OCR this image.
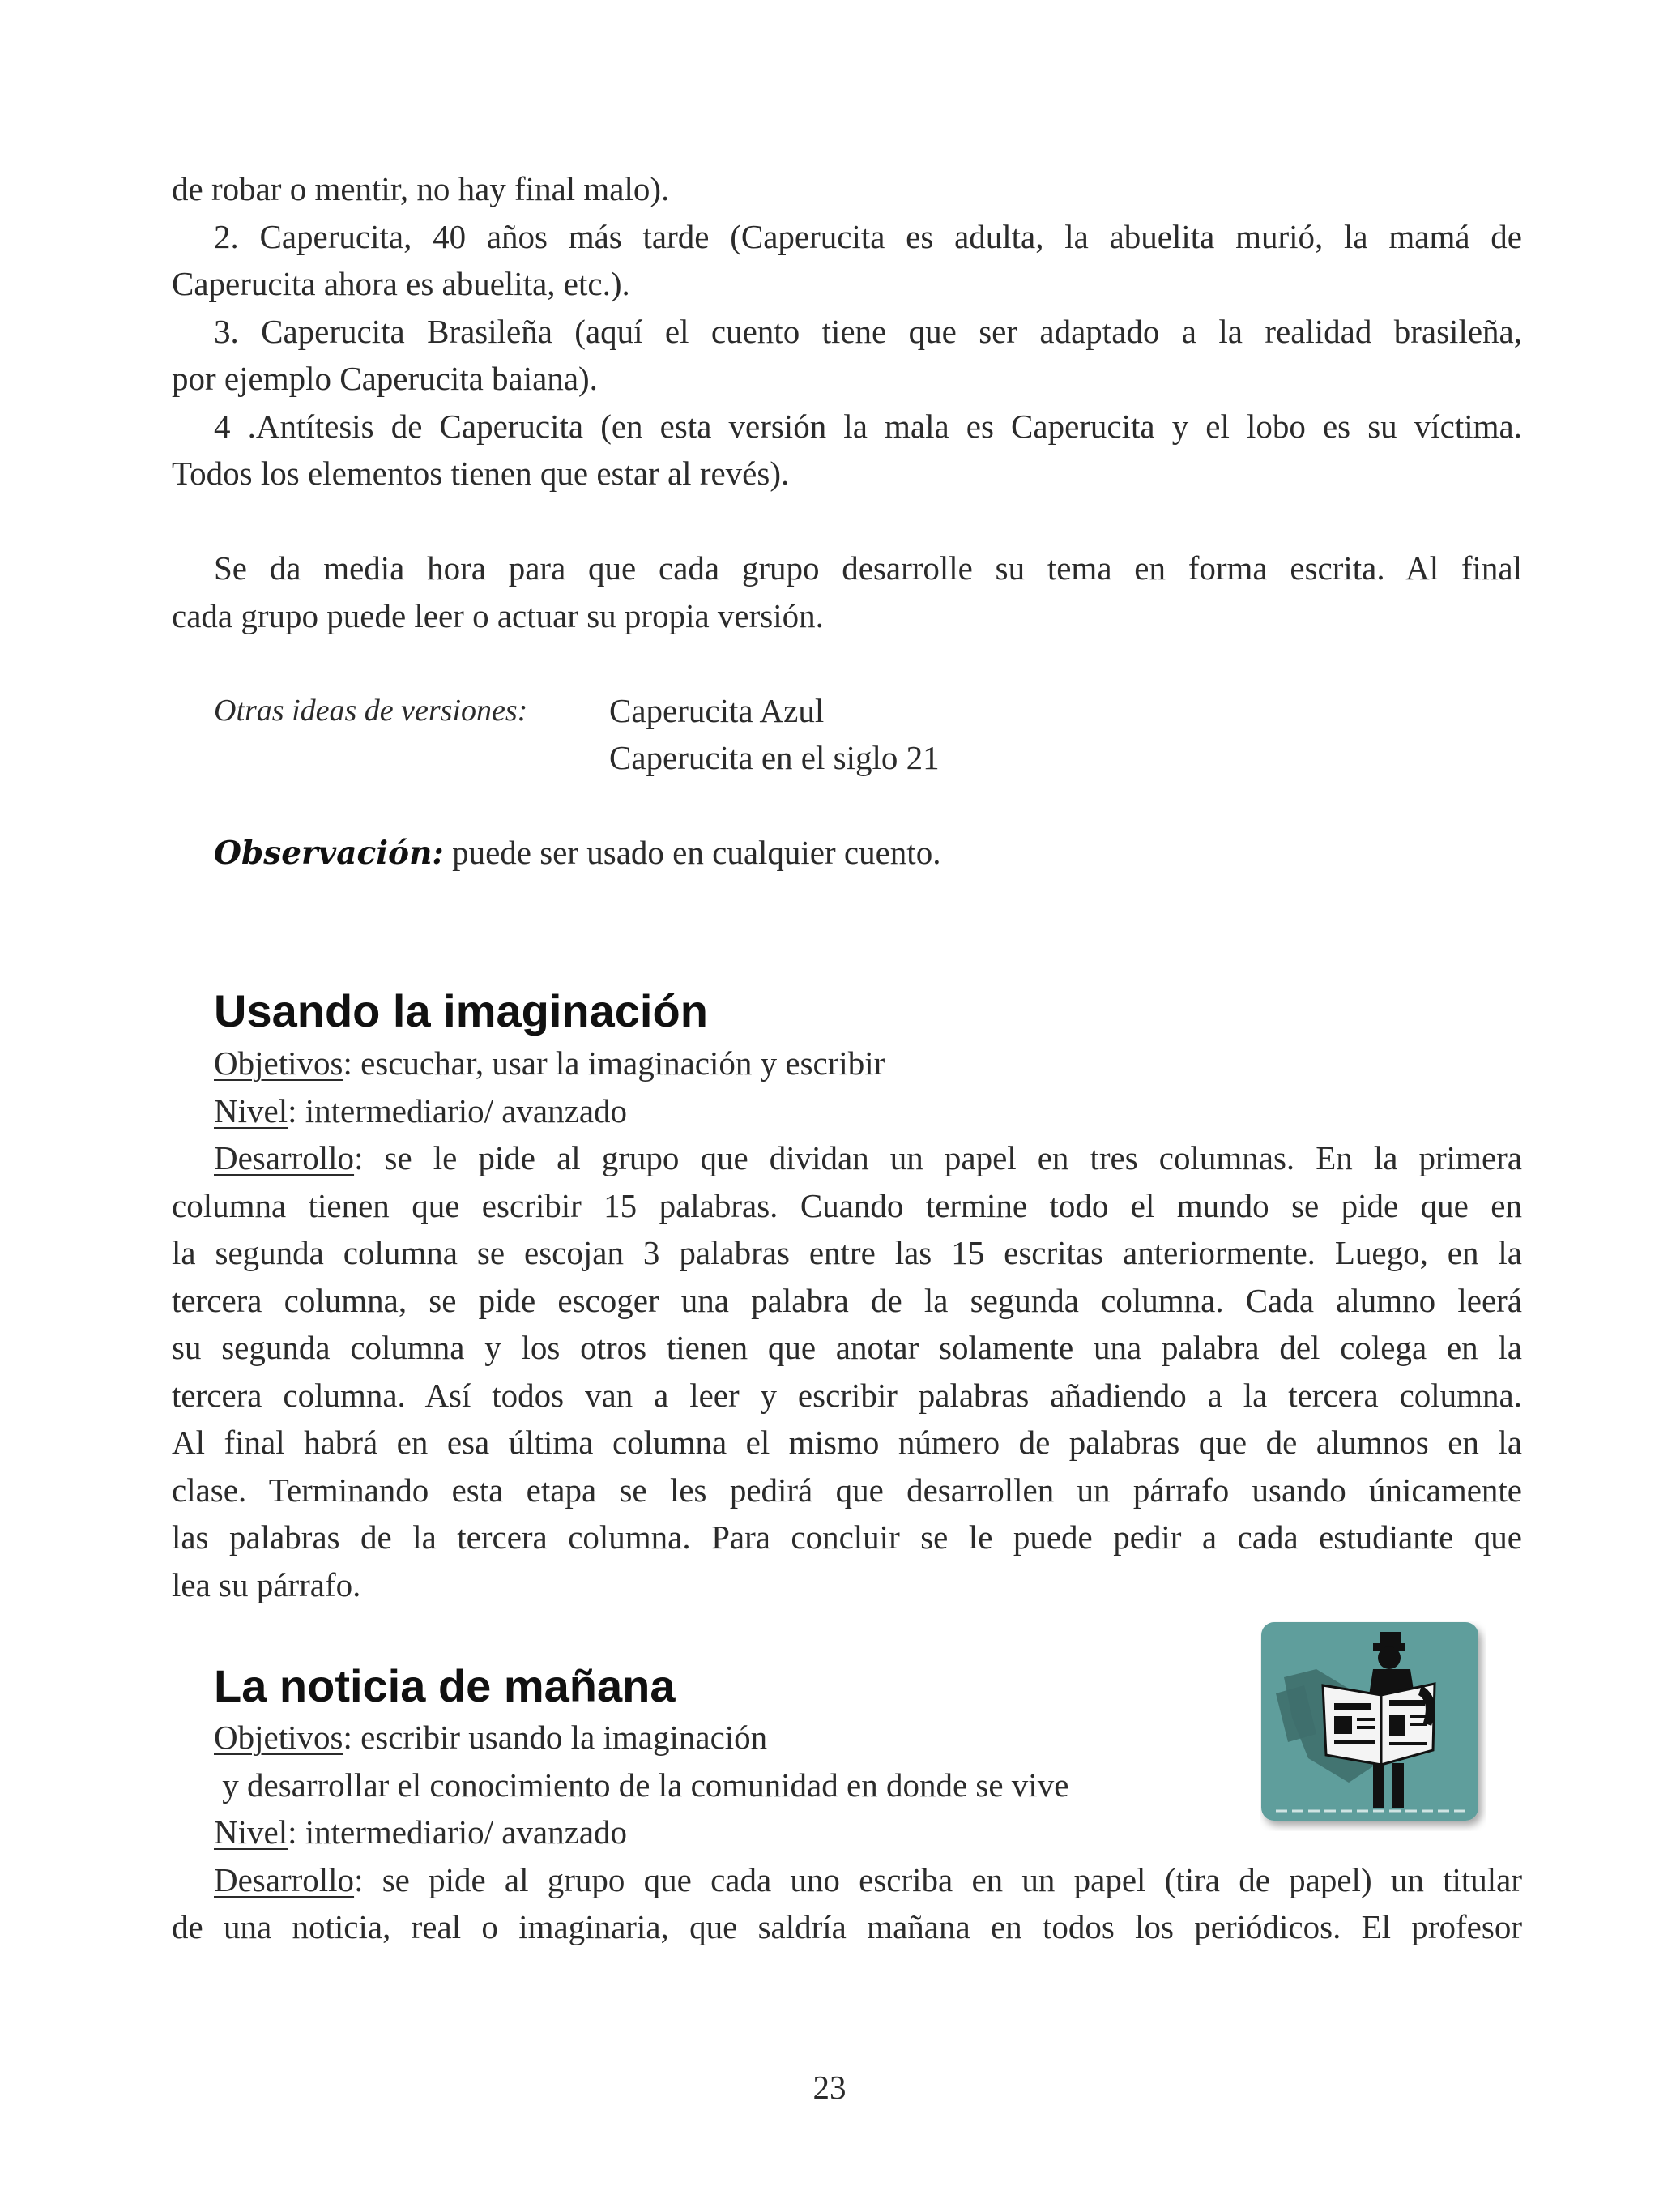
de robar o mentir, no hay final malo).
2. Caperucita, 40 años más tarde (Caperucita es adulta, la abuelita murió, la mamá de
Caperucita ahora es abuelita, etc.).
3. Caperucita Brasileña (aquí el cuento tiene que ser adaptado a la realidad brasileña,
por ejemplo Caperucita baiana).
4 .Antítesis de Caperucita (en esta versión la mala es Caperucita y el lobo es su víctima.
Todos los elementos tienen que estar al revés).
Se da media hora para que cada grupo desarrolle su tema en forma escrita. Al final
cada grupo puede leer o actuar su propia versión.
Otras ideas de versiones: Caperucita Azul
Caperucita en el siglo 21
Observación: puede ser usado en cualquier cuento.
Usando la imaginación
Objetivos: escuchar, usar la imaginación y escribir
Nivel: intermediario/ avanzado
Desarrollo: se le pide al grupo que dividan un papel en tres columnas. En la primera
columna tienen que escribir 15 palabras. Cuando termine todo el mundo se pide que en
la segunda columna se escojan 3 palabras entre las 15 escritas anteriormente. Luego, en la
tercera columna, se pide escoger una palabra de la segunda columna. Cada alumno leerá
su segunda columna y los otros tienen que anotar solamente una palabra del colega en la
tercera columna. Así todos van a leer y escribir palabras añadiendo a la tercera columna.
Al final habrá en esa última columna el mismo número de palabras que de alumnos en la
clase. Terminando esta etapa se les pedirá que desarrollen un párrafo usando únicamente
las palabras de la tercera columna. Para concluir se le puede pedir a cada estudiante que
lea su párrafo.
La noticia de mañana
Objetivos: escribir usando la imaginación
y desarrollar el conocimiento de la comunidad en donde se vive
Nivel: intermediario/ avanzado
Desarrollo: se pide al grupo que cada uno escriba en un papel (tira de papel) un titular
de una noticia, real o imaginaria, que saldría mañana en todos los periódicos. El profesor
23
